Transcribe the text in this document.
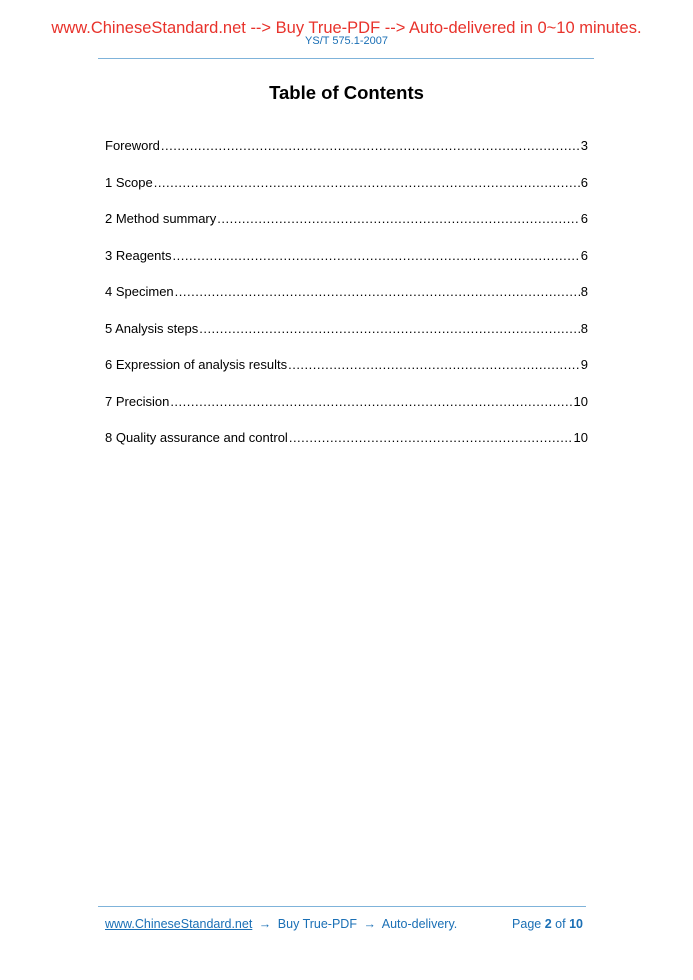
www.ChineseStandard.net --> Buy True-PDF --> Auto-delivered in 0~10 minutes.
YS/T 575.1-2007
Table of Contents
Foreword .....	3
1 Scope .....	6
2 Method summary .....	6
3 Reagents .....	6
4 Specimen .....	8
5 Analysis steps .....	8
6 Expression of analysis results .....	9
7 Precision .....	10
8 Quality assurance and control .....	10
www.ChineseStandard.net → Buy True-PDF → Auto-delivery.	Page 2 of 10
